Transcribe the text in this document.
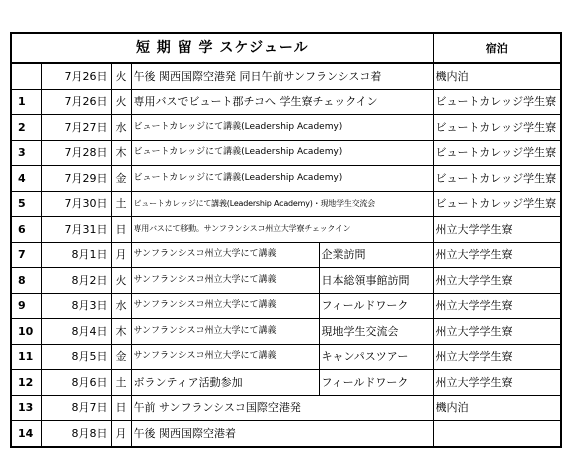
短 期 留 学 スケジュール					宿泊
	7月26日	火	午後 関西国際空港発 同日午前サンフランシスコ着		機内泊
1	7月26日	火	専用バスでビュート郡チコへ 学生寮チェックイン		ビュートカレッジ学生寮
2	7月27日	水	ビュートカレッジにて講義(Leadership Academy)		ビュートカレッジ学生寮
3	7月28日	木	ビュートカレッジにて講義(Leadership Academy)		ビュートカレッジ学生寮
4	7月29日	金	ビュートカレッジにて講義(Leadership Academy)		ビュートカレッジ学生寮
5	7月30日	土	ビュートカレッジにて講義(Leadership Academy)・現地学生交流会		ビュートカレッジ学生寮
6	7月31日	日	専用バスにて移動。サンフランシスコ州立大学寮チェックイン		州立大学学生寮
7	8月1日	月	サンフランシスコ州立大学にて講義	企業訪問	州立大学学生寮
8	8月2日	火	サンフランシスコ州立大学にて講義	日本総領事館訪問	州立大学学生寮
9	8月3日	水	サンフランシスコ州立大学にて講義	フィールドワーク	州立大学学生寮
10	8月4日	木	サンフランシスコ州立大学にて講義	現地学生交流会	州立大学学生寮
11	8月5日	金	サンフランシスコ州立大学にて講義	キャンパスツアー	州立大学学生寮
12	8月6日	土	ボランティア活動参加	フィールドワーク	州立大学学生寮
13	8月7日	日	午前 サンフランシスコ国際空港発		機内泊
14	8月8日	月	午後 関西国際空港着		
